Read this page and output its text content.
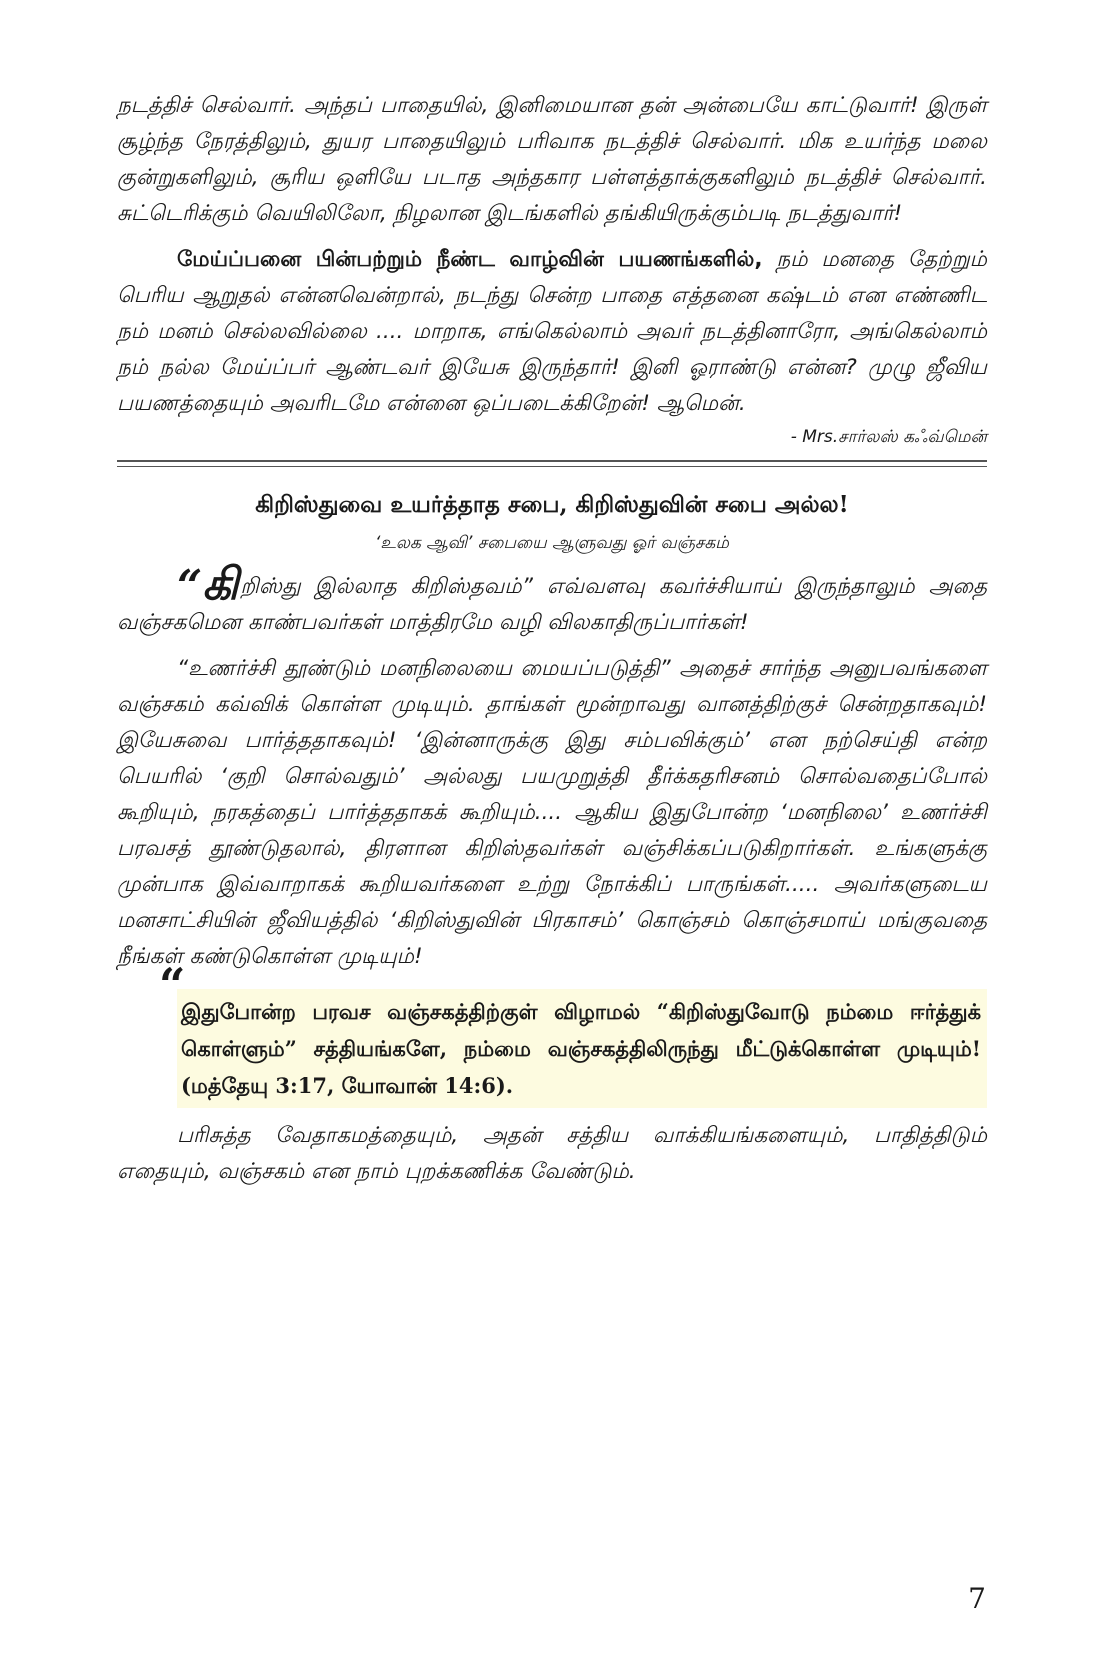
நடத்திச் செல்வார். அந்தப் பாதையில், இனிமையான தன் அன்பையே காட்டுவார்! இருள் சூழ்ந்த நேரத்திலும், துயர பாதையிலும் பரிவாக நடத்திச் செல்வார். மிக உயர்ந்த மலை குன்றுகளிலும், சூரிய ஒளியே படாத அந்தகார பள்ளத்தாக்குகளிலும் நடத்திச் செல்வார். சுட்டெரிக்கும் வெயிலிலோ, நிழலான இடங்களில் தங்கியிருக்கும்படி நடத்துவார்!

மேய்ப்பனை பின்பற்றும் நீண்ட வாழ்வின் பயணங்களில், நம் மனதை தேற்றும் பெரிய ஆறுதல் என்னவென்றால், நடந்து சென்ற பாதை எத்தனை கஷ்டம் என எண்ணிட நம் மனம் செல்லவில்லை .... மாறாக, எங்கெல்லாம் அவர் நடத்தினாரோ, அங்கெல்லாம் நம் நல்ல மேய்ப்பர் ஆண்டவர் இயேசு இருந்தார்! இனி ஓராண்டு என்ன? முழு ஜீவிய பயணத்தையும் அவரிடமே என்னை ஒப்படைக்கிறேன்! ஆமென்.

- Mrs.சார்லஸ் கஃவ்மென்
கிறிஸ்துவை உயர்த்தாத சபை, கிறிஸ்துவின் சபை அல்ல!
‘உலக ஆவி’ சபையை ஆளுவது ஓர் வஞ்சகம்

“கிறிஸ்து இல்லாத கிறிஸ்தவம்” எவ்வளவு கவர்ச்சியாய் இருந்தாலும் அதை வஞ்சகமென காண்பவர்கள் மாத்திரமே வழி விலகாதிருப்பார்கள்!

“உணர்ச்சி தூண்டும் மனநிலையை மையப்படுத்தி” அதைச் சார்ந்த அனுபவங்களை வஞ்சகம் கவ்விக் கொள்ள முடியும். தாங்கள் மூன்றாவது வானத்திற்குச் சென்றதாகவும்! இயேசுவை பார்த்ததாகவும்! ‘இன்னாருக்கு இது சம்பவிக்கும்’ என நற்செய்தி என்ற பெயரில் ‘குறி சொல்வதும்’ அல்லது பயமுறுத்தி தீர்க்கதரிசனம் சொல்வதைப்போல் கூறியும், நரகத்தைப் பார்த்ததாகக் கூறியும்.... ஆகிய இதுபோன்ற ‘மனநிலை’ உணர்ச்சி பரவசத் தூண்டுதலால், திரளான கிறிஸ்தவர்கள் வஞ்சிக்கப்படுகிறார்கள். உங்களுக்கு முன்பாக இவ்வாறாகக் கூறியவர்களை உற்று நோக்கிப் பாருங்கள்..... அவர்களுடைய மனசாட்சியின் ஜீவியத்தில் ‘கிறிஸ்துவின் பிரகாசம்’ கொஞ்சம் கொஞ்சமாய் மங்குவதை நீங்கள் கண்டுகொள்ள முடியும்!

“
இதுபோன்ற பரவச வஞ்சகத்திற்குள் விழாமல் “கிறிஸ்துவோடு நம்மை ஈர்த்துக் கொள்ளும்” சத்தியங்களே, நம்மை வஞ்சகத்திலிருந்து மீட்டுக்கொள்ள முடியும்! (மத்தேயு 3:17, யோவான் 14:6).

பரிசுத்த வேதாகமத்தையும், அதன் சத்திய வாக்கியங்களையும், பாதித்திடும் எதையும், வஞ்சகம் என நாம் புறக்கணிக்க வேண்டும்.

7
